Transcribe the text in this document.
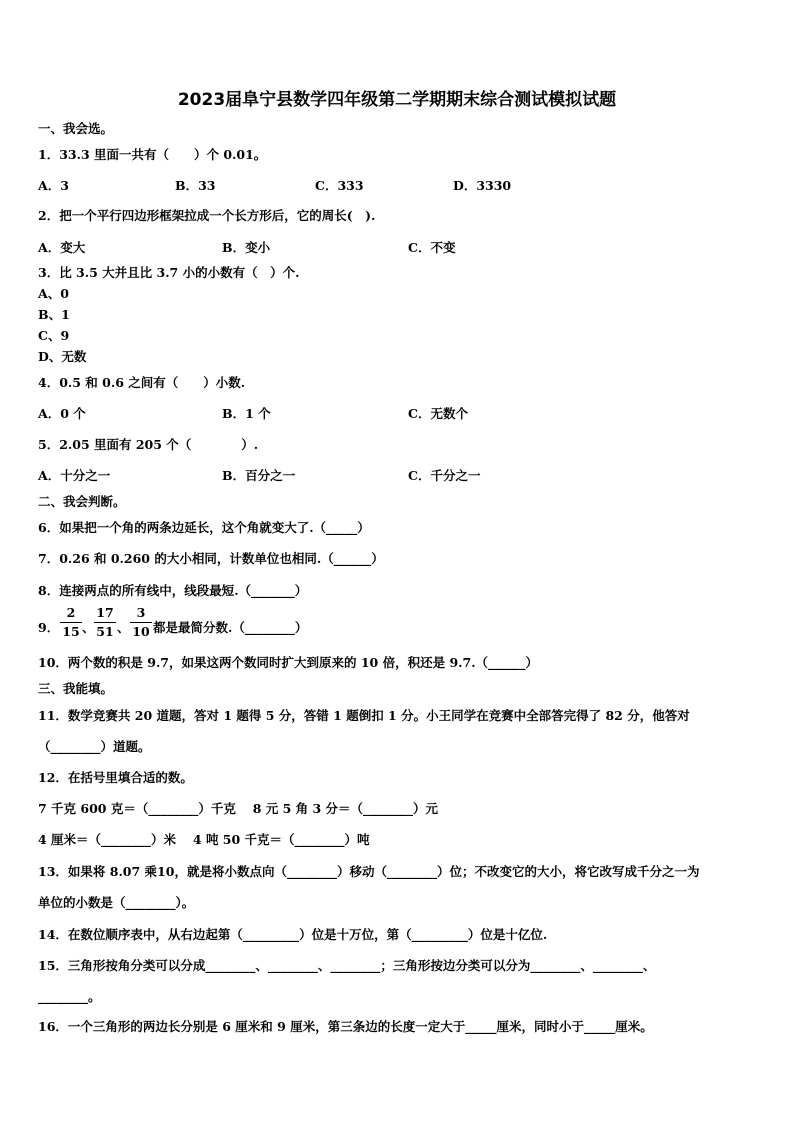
2023届阜宁县数学四年级第二学期期末综合测试模拟试题
一、我会选。
1．33.3 里面一共有（　　）个 0.01。
A．3	B．33	C．333	D．3330
2．把一个平行四边形框架拉成一个长方形后，它的周长(　).
A．变大	B．变小	C．不变
3．比 3.5 大并且比 3.7 小的小数有（　）个.
A、0
B、1
C、9
D、无数
4．0.5 和 0.6 之间有（　　）小数.
A．0 个	B．1 个	C．无数个
5．2.05 里面有 205 个（　　　　）.
A．十分之一	B．百分之一	C．千分之一
二、我会判断。
6．如果把一个角的两条边延长，这个角就变大了.（_____）
7．0.26 和 0.260 的大小相同，计数单位也相同.（______）
8．连接两点的所有线中，线段最短.（_______）
9．
2
15 、
17
51 、
3
10 都是最简分数.（________）
10．两个数的积是 9.7，如果这两个数同时扩大到原来的 10 倍，积还是 9.7.（______）
三、我能填。
11．数学竞赛共 20 道题，答对 1 题得 5 分，答错 1 题倒扣 1 分。小王同学在竞赛中全部答完得了 82 分，他答对
（________）道题。
12．在括号里填合适的数。
7 千克 600 克＝（________）千克　 8 元 5 角 3 分＝（________）元
4 厘米＝（________）米　 4 吨 50 千克＝（________）吨
13．如果将 8.07 乘10，就是将小数点向（________）移动（________）位；不改变它的大小，将它改写成千分之一为
单位的小数是（________）。
14．在数位顺序表中，从右边起第（_________）位是十万位，第（_________）位是十亿位.
15．三角形按角分类可以分成________、________、________；三角形按边分类可以分为________、________、
________。
16．一个三角形的两边长分别是 6 厘米和 9 厘米，第三条边的长度一定大于_____厘米，同时小于_____厘米。
